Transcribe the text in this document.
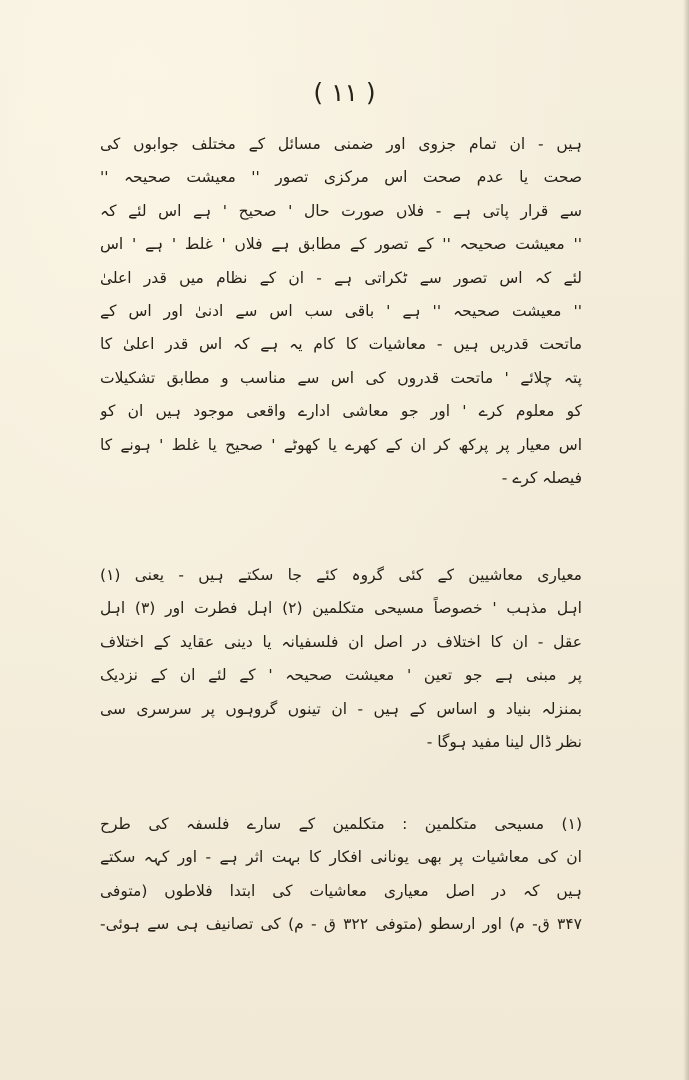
( ۱۱ )
ہیں - ان تمام جزوی اور ضمنی مسائل کے مختلف جوابوں کی
صحت یا عدم صحت اس مرکزی تصور '' معیشت صحیحہ ''
سے قرار پاتی ہے - فلاں صورت حال ' صحیح ' ہے اس لئے کہ
'' معیشت صحیحہ '' کے تصور کے مطابق ہے فلاں ' غلط ' ہے ' اس
لئے کہ اس تصور سے ٹکراتی ہے - ان کے نظام میں قدر اعلیٰ
'' معیشت صحیحہ '' ہے ' باقی سب اس سے ادنیٰ اور اس کے
ماتحت قدریں ہیں - معاشیات کا کام یہ ہے کہ اس قدر اعلیٰ کا
پتہ چلائے ' ماتحت قدروں کی اس سے مناسب و مطابق تشکیلات
کو معلوم کرے ' اور جو معاشی ادارے واقعی موجود ہیں ان کو
اس معیار پر پرکھ کر ان کے کھرے یا کھوٹے ' صحیح یا غلط ' ہونے کا
فیصلہ کرے -
معیاری معاشیین کے کئی گروہ کئے جا سکتے ہیں - یعنی (۱)
اہل مذہب ' خصوصاً مسیحی متکلمین (۲) اہل فطرت اور (۳) اہل
عقل - ان کا اختلاف در اصل ان فلسفیانہ یا دینی عقاید کے اختلاف
پر مبنی ہے جو تعین ' معیشت صحیحہ ' کے لئے ان کے نزدیک
بمنزلہ بنیاد و اساس کے ہیں - ان تینوں گروہوں پر سرسری سی
نظر ڈال لینا مفید ہوگا -
(۱) مسیحی متکلمین : متکلمین کے سارے فلسفہ کی طرح
ان کی معاشیات پر بھی یونانی افکار کا بہت اثر ہے - اور کہہ سکتے
ہیں کہ در اصل معیاری معاشیات کی ابتدا فلاطوں (متوفی
۳۴۷ ق- م) اور ارسطو (متوفی ۳۲۲ ق - م) کی تصانیف ہی سے ہوئی-
